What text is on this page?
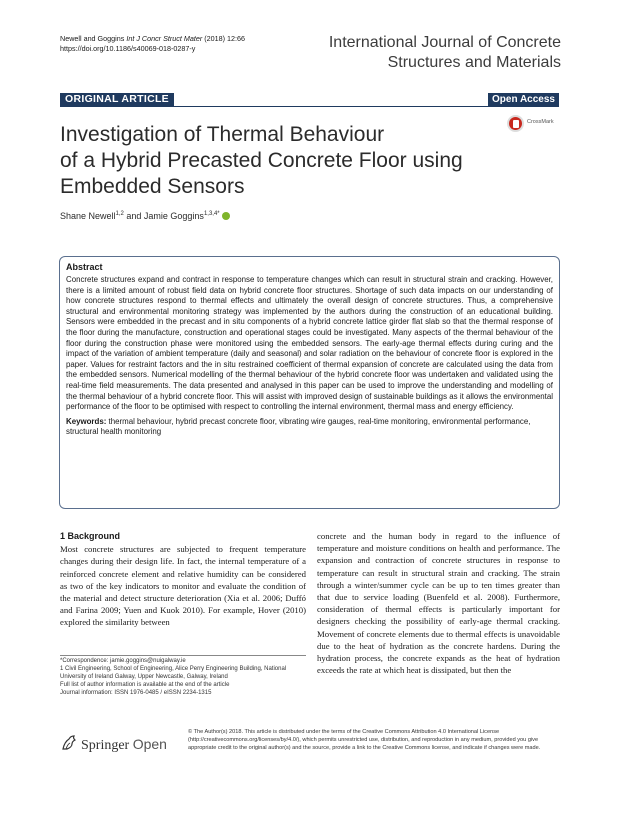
Newell and Goggins Int J Concr Struct Mater (2018) 12:66
https://doi.org/10.1186/s40069-018-0287-y	International Journal of Concrete
Structures and Materials
ORIGINAL ARTICLE	Open Access
CrossMark
Investigation of Thermal Behaviour
of a Hybrid Precasted Concrete Floor using
Embedded Sensors
Shane Newell$^{1,2}$ and Jamie Goggins$^{1,3,4*}$
Abstract

Concrete structures expand and contract in response to temperature changes which can result in structural strain and cracking. However, there is a limited amount of robust field data on hybrid concrete floor structures. Shortage of such data impacts on our understanding of how concrete structures respond to thermal effects and ultimately the overall design of concrete structures. Thus, a comprehensive structural and environmental monitoring strategy was implemented by the authors during the construction of an educational building. Sensors were embedded in the precast and in situ components of a hybrid concrete lattice girder flat slab so that the thermal response of the floor during the manufacture, construction and operational stages could be investigated. Many aspects of the thermal behaviour of the floor during the construction phase were monitored using the embedded sensors. The early-age thermal effects during curing and the impact of the variation of ambient temperature (daily and seasonal) and solar radiation on the behaviour of concrete floor is explored in the paper. Values for restraint factors and the in situ restrained coefficient of thermal expansion of concrete are calculated using the data from the embedded sensors. Numerical modelling of the thermal behaviour of the hybrid concrete floor was undertaken and validated using the real-time field measurements. The data presented and analysed in this paper can be used to improve the understanding and modelling of the thermal behaviour of a hybrid concrete floor. This will assist with improved design of sustainable buildings as it allows the environmental performance of the floor to be optimised with respect to controlling the internal environment, thermal mass and energy efficiency.

Keywords: thermal behaviour, hybrid precast concrete floor, vibrating wire gauges, real-time monitoring, environmental performance, structural health monitoring
1 Background

Most concrete structures are subjected to frequent temperature changes during their design life. In fact, the internal temperature of a reinforced concrete element and relative humidity can be considered as two of the key indicators to monitor and evaluate the condition of the material and detect structure deterioration (Xia et al. 2006; Duffó and Farina 2009; Yuen and Kuok 2010). For example, Hover (2010) explored the similarity between

concrete and the human body in regard to the influence of temperature and moisture conditions on health and performance. The expansion and contraction of concrete structures in response to temperature can result in structural strain and cracking. The strain through a winter/summer cycle can be up to ten times greater than that due to service loading (Buenfeld et al. 2008). Furthermore, consideration of thermal effects is particularly important for designers checking the possibility of early-age thermal cracking. Movement of concrete elements due to thermal effects is unavoidable due to the heat of hydration as the concrete hardens. During the hydration process, the concrete expands as the heat of hydration exceeds the rate at which heat is dissipated, but then the

*Correspondence: jamie.goggins@nuigalway.ie
1 Civil Engineering, School of Engineering, Alice Perry Engineering Building, National University of Ireland Galway, Upper Newcastle, Galway, Ireland
Full list of author information is available at the end of the article
Journal information: ISSN 1976-0485 / eISSN 2234-1315
Springer Open
© The Author(s) 2018. This article is distributed under the terms of the Creative Commons Attribution 4.0 International License (http://creativecommons.org/licenses/by/4.0/), which permits unrestricted use, distribution, and reproduction in any medium, provided you give appropriate credit to the original author(s) and the source, provide a link to the Creative Commons license, and indicate if changes were made.
